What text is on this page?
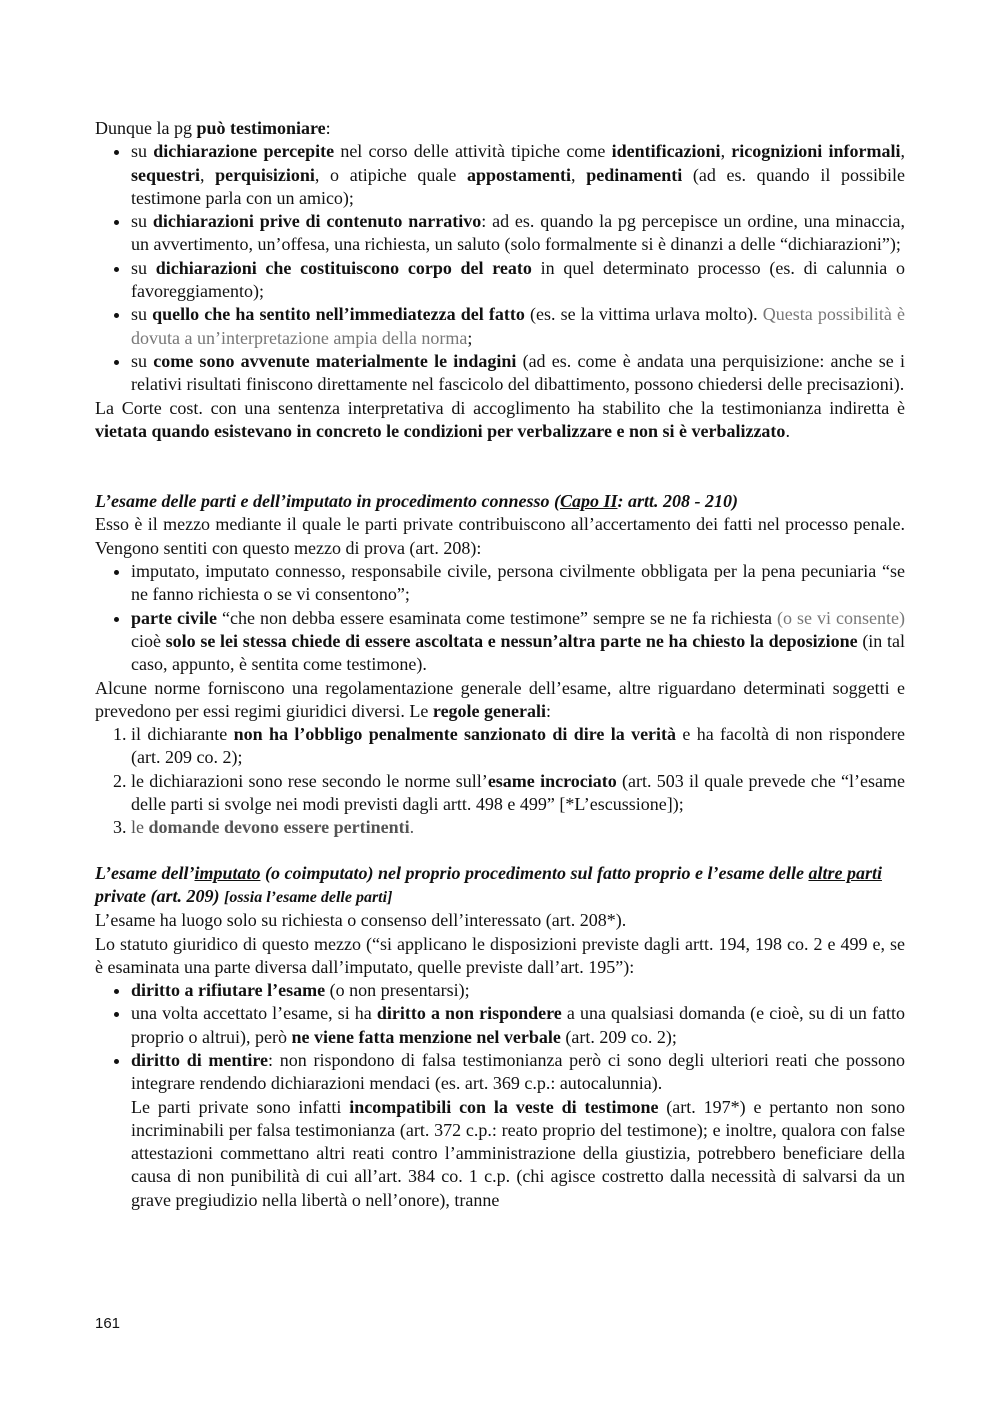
Dunque la pg può testimoniare:

• su dichiarazione percepite nel corso delle attività tipiche come identificazioni, ricognizioni informali, sequestri, perquisizioni, o atipiche quale appostamenti, pedinamenti (ad es. quando il possibile testimone parla con un amico);
• su dichiarazioni prive di contenuto narrativo: ad es. quando la pg percepisce un ordine, una minaccia, un avvertimento, un’offesa, una richiesta, un saluto (solo formalmente si è dinanzi a delle “dichiarazioni”);
• su dichiarazioni che costituiscono corpo del reato in quel determinato processo (es. di calunnia o favoreggiamento);
• su quello che ha sentito nell’immediatezza del fatto (es. se la vittima urlava molto). Questa possibilità è dovuta a un’interpretazione ampia della norma;
• su come sono avvenute materialmente le indagini (ad es. come è andata una perquisizione: anche se i relativi risultati finiscono direttamente nel fascicolo del dibattimento, possono chiedersi delle precisazioni).

La Corte cost. con una sentenza interpretativa di accoglimento ha stabilito che la testimonianza indiretta è vietata quando esistevano in concreto le condizioni per verbalizzare e non si è verbalizzato.

L’esame delle parti e dell’imputato in procedimento connesso (Capo II: artt. 208 - 210)

Esso è il mezzo mediante il quale le parti private contribuiscono all’accertamento dei fatti nel processo penale. Vengono sentiti con questo mezzo di prova (art. 208):

• imputato, imputato connesso, responsabile civile, persona civilmente obbligata per la pena pecuniaria “se ne fanno richiesta o se vi consentono”;
• parte civile “che non debba essere esaminata come testimone” sempre se ne fa richiesta (o se vi consente) cioè solo se lei stessa chiede di essere ascoltata e nessun’altra parte ne ha chiesto la deposizione (in tal caso, appunto, è sentita come testimone).

Alcune norme forniscono una regolamentazione generale dell’esame, altre riguardano determinati soggetti e prevedono per essi regimi giuridici diversi. Le regole generali:

1. il dichiarante non ha l’obbligo penalmente sanzionato di dire la verità e ha facoltà di non rispondere (art. 209 co. 2);
2. le dichiarazioni sono rese secondo le norme sull’esame incrociato (art. 503 il quale prevede che “l’esame delle parti si svolge nei modi previsti dagli artt. 498 e 499” [*L’escussione]);
3. le domande devono essere pertinenti.

L’esame dell’imputato (o coimputato) nel proprio procedimento sul fatto proprio e l’esame delle altre parti private (art. 209) [ossia l’esame delle parti]

L’esame ha luogo solo su richiesta o consenso dell’interessato (art. 208*).

Lo statuto giuridico di questo mezzo (“si applicano le disposizioni previste dagli artt. 194, 198 co. 2 e 499 e, se è esaminata una parte diversa dall’imputato, quelle previste dall’art. 195”):

• diritto a rifiutare l’esame (o non presentarsi);
• una volta accettato l’esame, si ha diritto a non rispondere a una qualsiasi domanda (e cioè, su di un fatto proprio o altrui), però ne viene fatta menzione nel verbale (art. 209 co. 2);
• diritto di mentire: non rispondono di falsa testimonianza però ci sono degli ulteriori reati che possono integrare rendendo dichiarazioni mendaci (es. art. 369 c.p.: autocalunnia).
Le parti private sono infatti incompatibili con la veste di testimone (art. 197*) e pertanto non sono incriminabili per falsa testimonianza (art. 372 c.p.: reato proprio del testimone); e inoltre, qualora con false attestazioni commettano altri reati contro l’amministrazione della giustizia, potrebbero beneficiare della causa di non punibilità di cui all’art. 384 co. 1 c.p. (chi agisce costretto dalla necessità di salvarsi da un grave pregiudizio nella libertà o nell’onore), tranne
161
